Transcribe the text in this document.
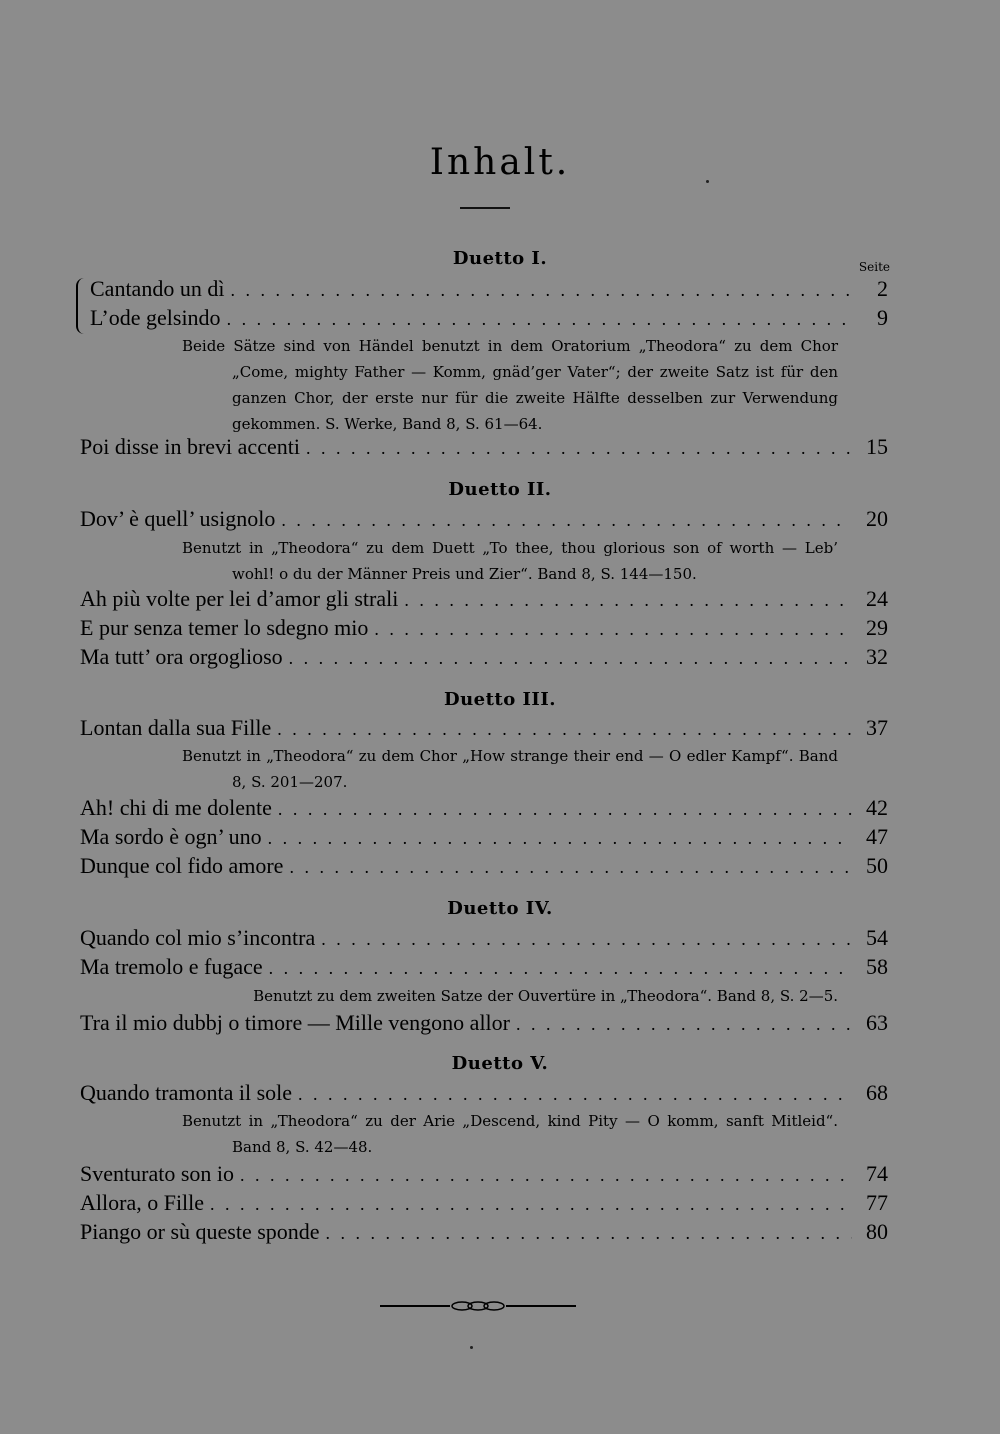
Inhalt.
Duetto I.	Seite
Cantando un dì . . .	2
L’ode gelsindo . . .	9
Beide Sätze sind von Händel benutzt in dem Oratorium „Theodora“ zu dem Chor „Come, mighty Father — Komm, gnäd’ger Vater“; der zweite Satz ist für den ganzen Chor, der erste nur für die zweite Hälfte desselben zur Verwendung gekommen. S. Werke, Band 8, S. 61—64.
Poi disse in brevi accenti . . .	15
Duetto II.
Dov’ è quell’ usignolo . . .	20
Benutzt in „Theodora“ zu dem Duett „To thee, thou glorious son of worth — Leb’ wohl! o du der Männer Preis und Zier“. Band 8, S. 144—150.
Ah più volte per lei d’amor gli strali . . .	24
E pur senza temer lo sdegno mio . . .	29
Ma tutt’ ora orgoglioso . . .	32
Duetto III.
Lontan dalla sua Fille . . .	37
Benutzt in „Theodora“ zu dem Chor „How strange their end — O edler Kampf“. Band 8, S. 201—207.
Ah! chi di me dolente . . .	42
Ma sordo è ogn’ uno . . .	47
Dunque col fido amore . . .	50
Duetto IV.
Quando col mio s’incontra . . .	54
Ma tremolo e fugace . . .	58
Benutzt zu dem zweiten Satze der Ouvertüre in „Theodora“. Band 8, S. 2—5.
Tra il mio dubbj o timore — Mille vengono allor . . .	63
Duetto V.
Quando tramonta il sole . . .	68
Benutzt in „Theodora“ zu der Arie „Descend, kind Pity — O komm, sanft Mitleid“. Band 8, S. 42—48.
Sventurato son io . . .	74
Allora, o Fille . . .	77
Piango or sù queste sponde . . .	80
